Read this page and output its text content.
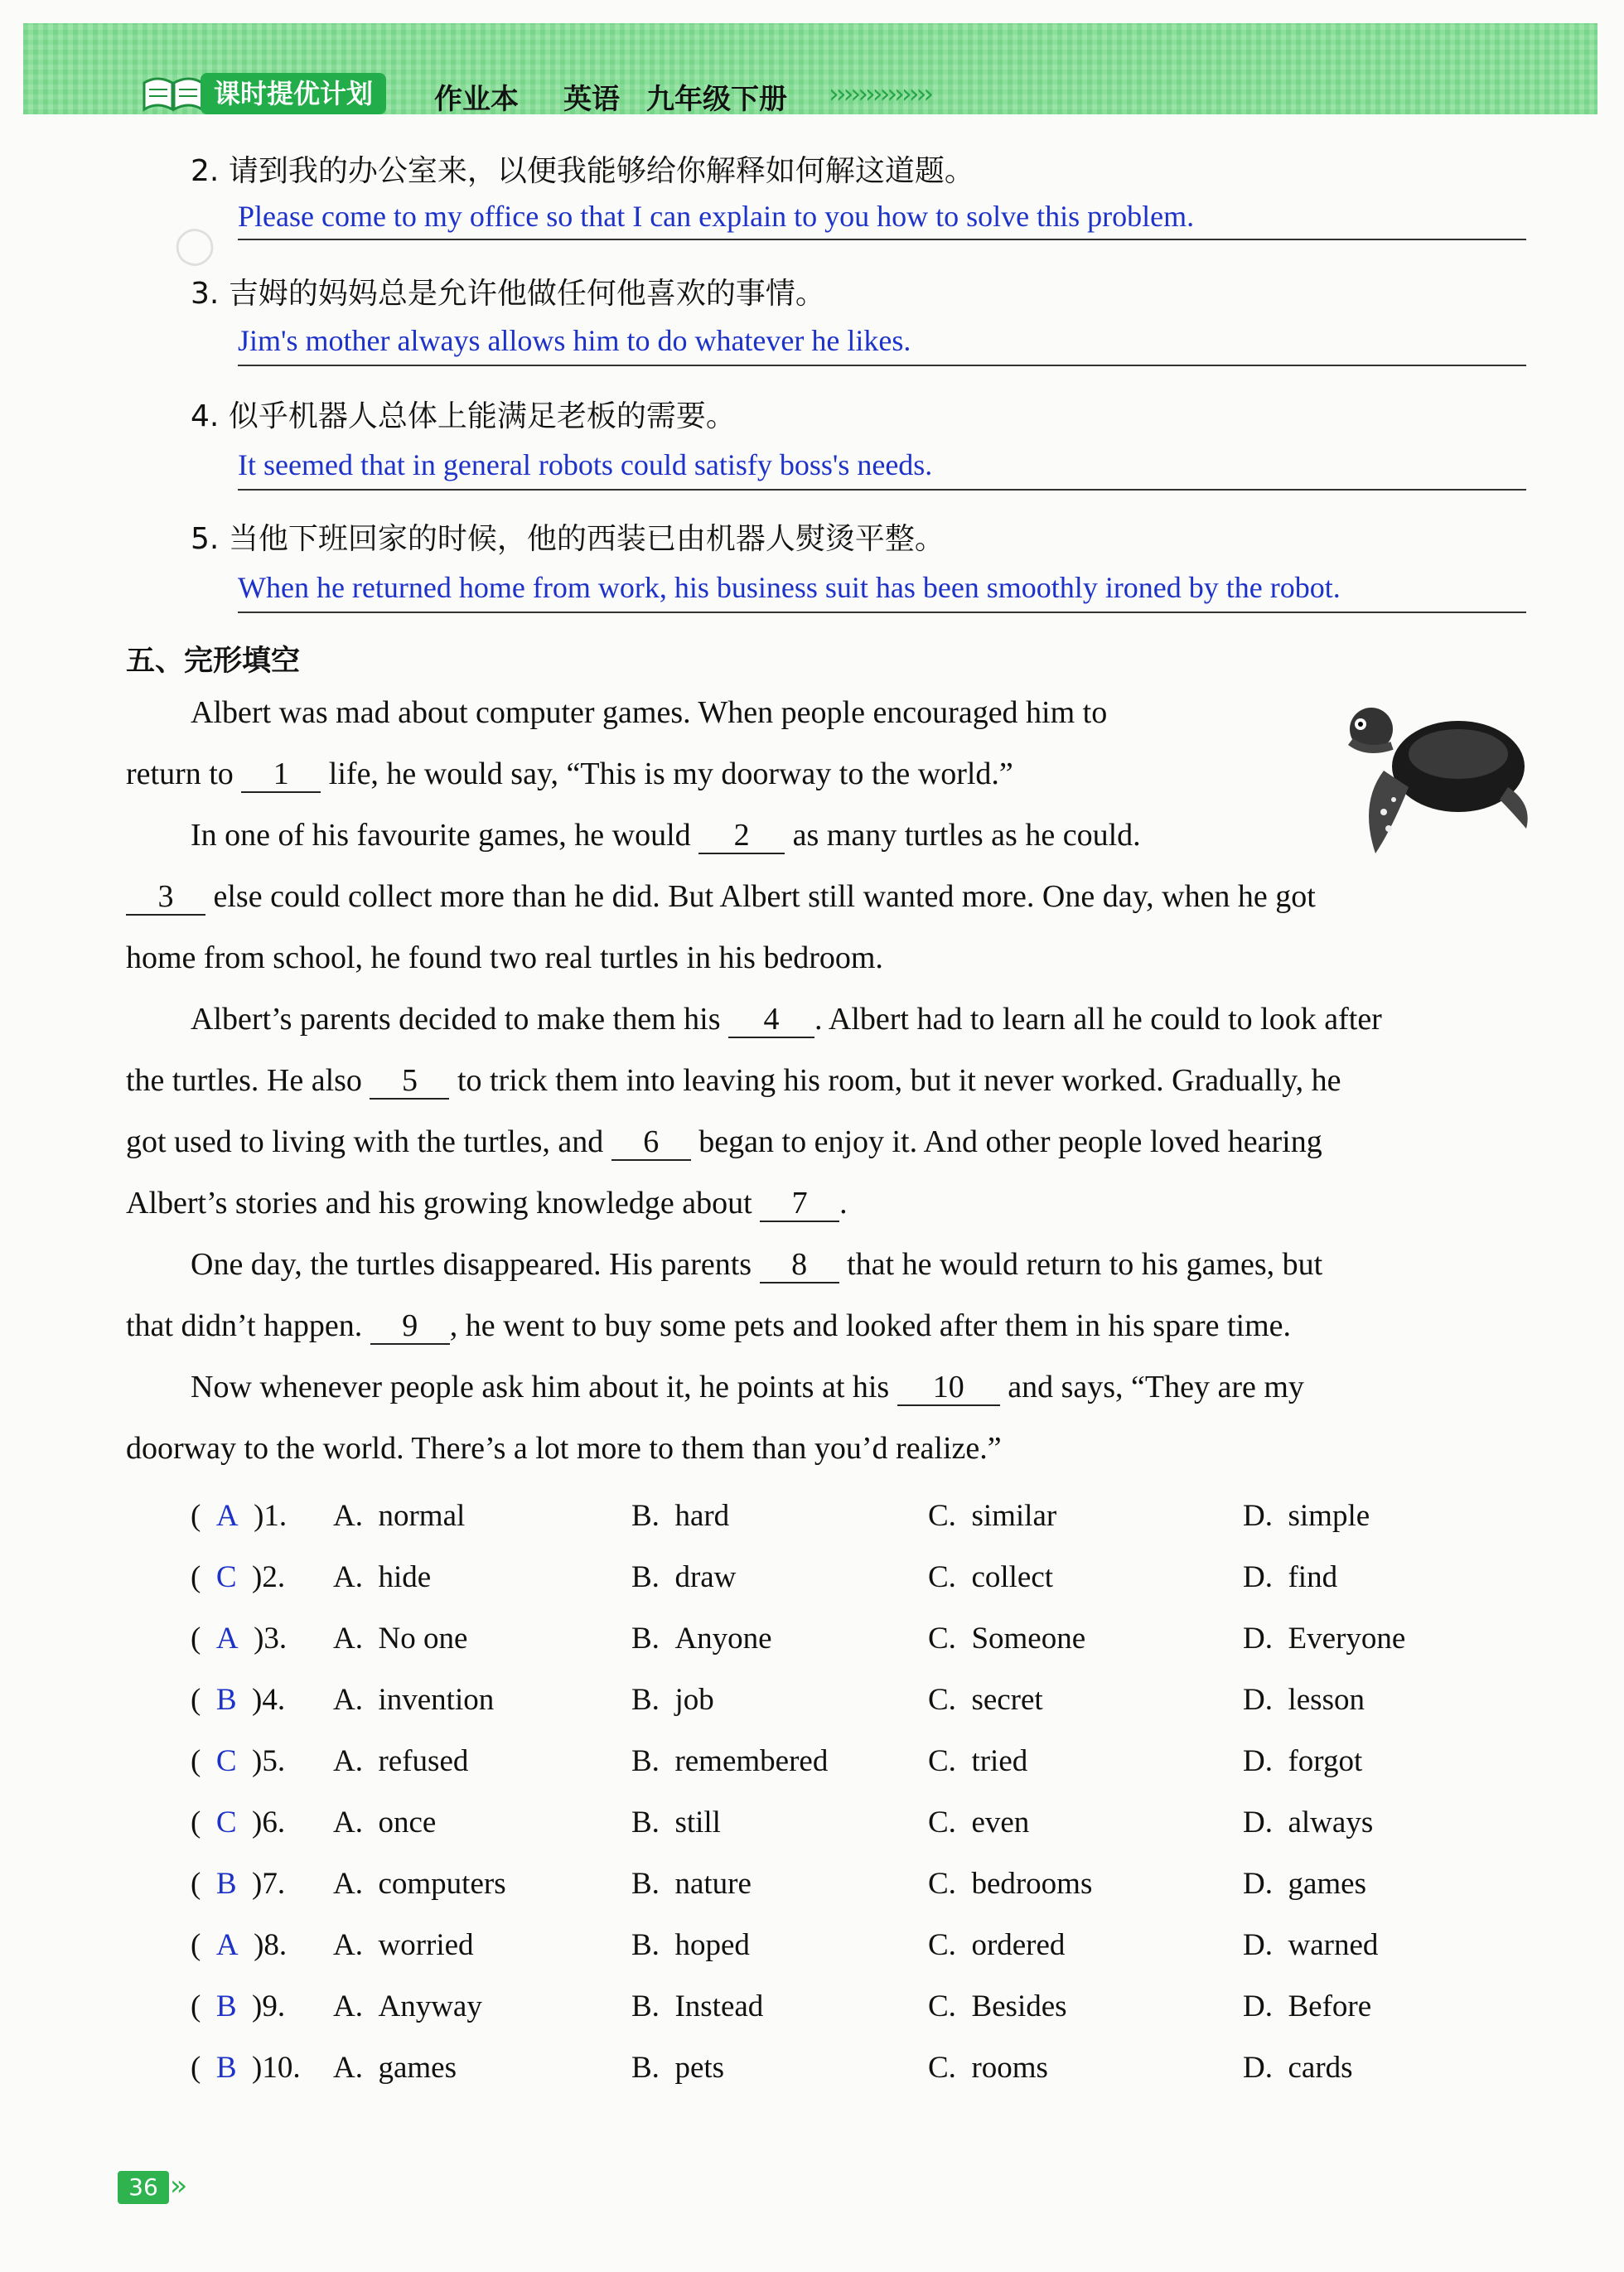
课时提优计划	作业本 英语 九年级下册 ››››››››››››››
2. 请到我的办公室来，以便我能够给你解释如何解这道题。
Please come to my office so that I can explain to you how to solve this problem.
3. 吉姆的妈妈总是允许他做任何他喜欢的事情。
Jim's mother always allows him to do whatever he likes.
4. 似乎机器人总体上能满足老板的需要。
It seemed that in general robots could satisfy boss's needs.
5. 当他下班回家的时候，他的西装已由机器人熨烫平整。
When he returned home from work, his business suit has been smoothly ironed by the robot.
五、完形填空
Albert was mad about computer games. When people encouraged him to
return to 1 life, he would say, “This is my doorway to the world.”
In one of his favourite games, he would 2 as many turtles as he could.
3 else could collect more than he did. But Albert still wanted more. One day, when he got
home from school, he found two real turtles in his bedroom.
Albert’s parents decided to make them his 4 . Albert had to learn all he could to look after
the turtles. He also 5 to trick them into leaving his room, but it never worked. Gradually, he
got used to living with the turtles, and 6 began to enjoy it. And other people loved hearing
Albert’s stories and his growing knowledge about 7 .
One day, the turtles disappeared. His parents 8 that he would return to his games, but
that didn’t happen. 9 , he went to buy some pets and looked after them in his spare time.
Now whenever people ask him about it, he points at his 10 and says, “They are my
doorway to the world. There’s a lot more to them than you’d realize.”
(  A )1. A. normal	B. hard	C. similar	D. simple
(  C )2. A. hide	B. draw	C. collect	D. find
(  A )3. A. No one	B. Anyone	C. Someone	D. Everyone
(  B )4. A. invention	B. job	C. secret	D. lesson
(  C )5. A. refused	B. remembered	C. tried	D. forgot
(  C )6. A. once	B. still	C. even	D. always
(  B )7. A. computers	B. nature	C. bedrooms	D. games
(  A )8. A. worried	B. hoped	C. ordered	D. warned
(  B )9. A. Anyway	B. Instead	C. Besides	D. Before
(  B )10. A. games	B. pets	C. rooms	D. cards
36 ››
◯
